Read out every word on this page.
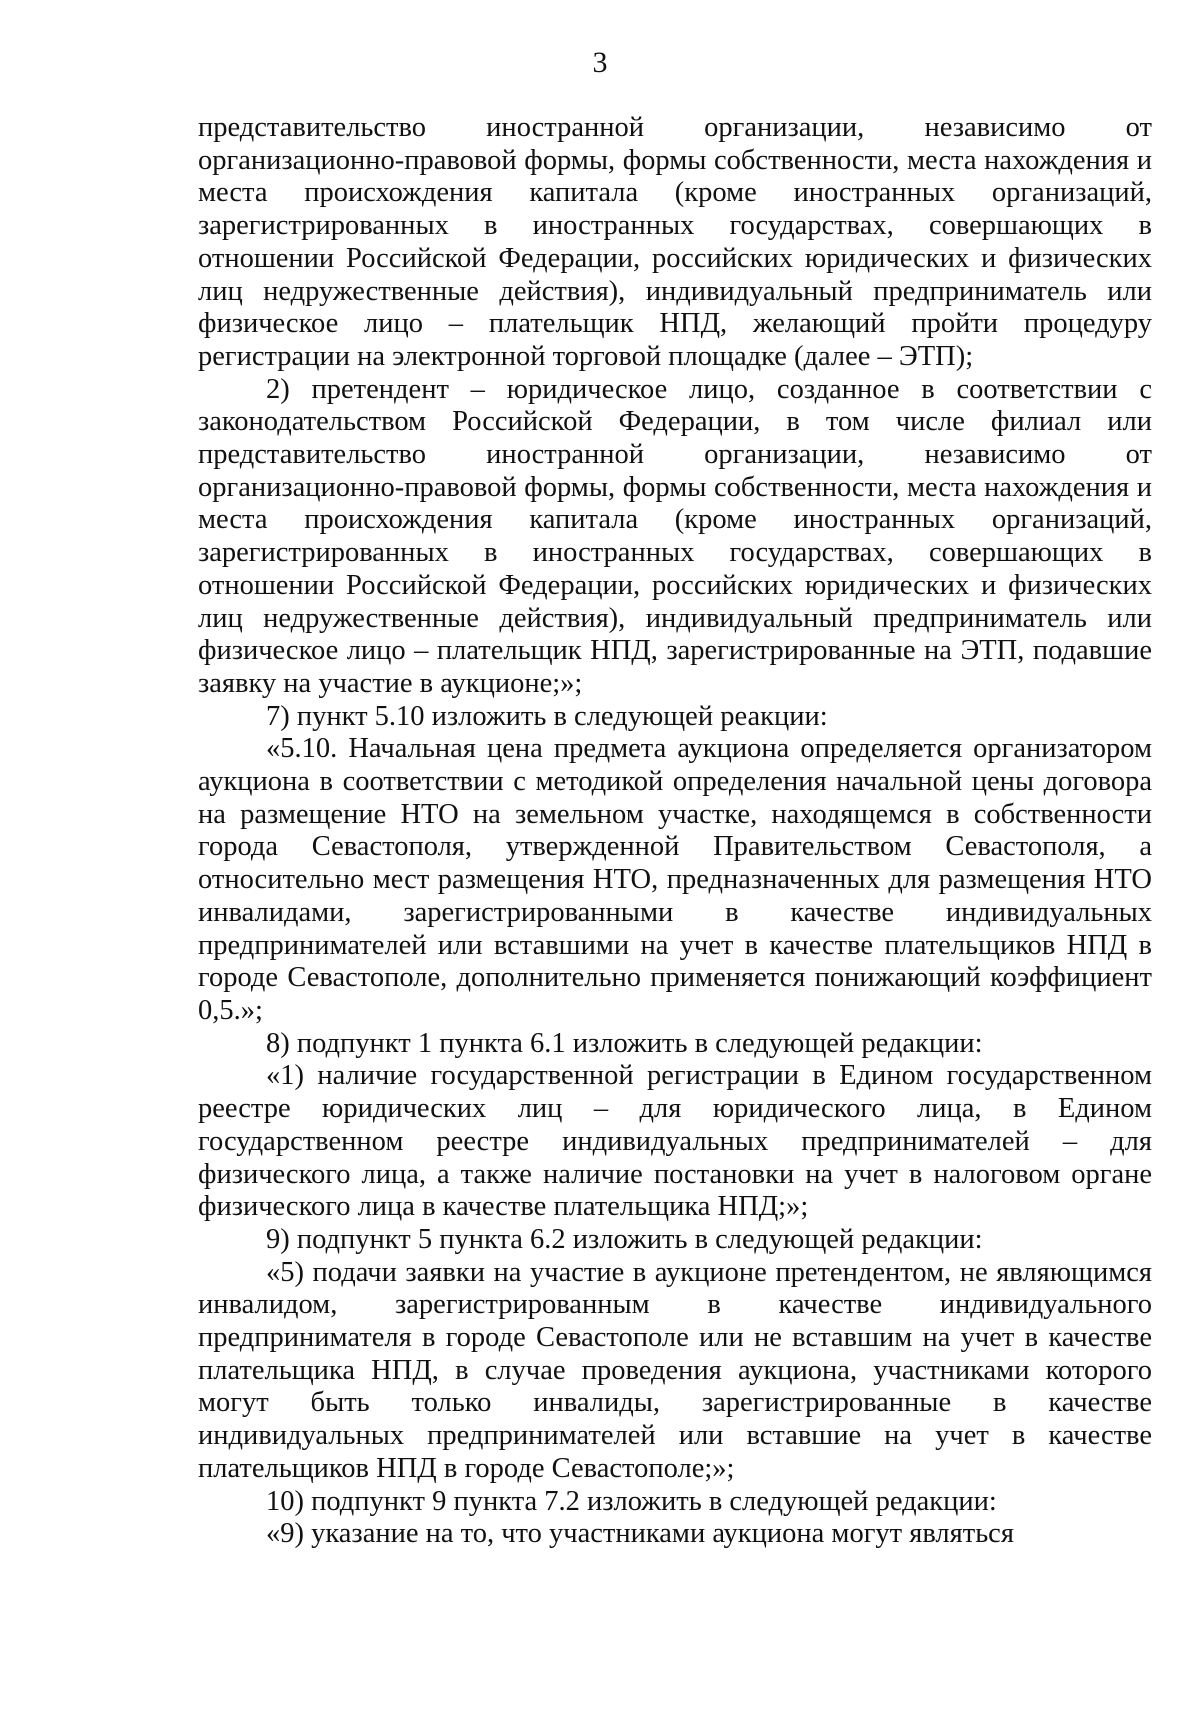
3

представительство иностранной организации, независимо от организационно-правовой формы, формы собственности, места нахождения и места происхождения капитала (кроме иностранных организаций, зарегистрированных в иностранных государствах, совершающих в отношении Российской Федерации, российских юридических и физических лиц недружественные действия), индивидуальный предприниматель или физическое лицо – плательщик НПД, желающий пройти процедуру регистрации на электронной торговой площадке (далее – ЭТП);

2) претендент – юридическое лицо, созданное в соответствии с законодательством Российской Федерации, в том числе филиал или представительство иностранной организации, независимо от организационно-правовой формы, формы собственности, места нахождения и места происхождения капитала (кроме иностранных организаций, зарегистрированных в иностранных государствах, совершающих в отношении Российской Федерации, российских юридических и физических лиц недружественные действия), индивидуальный предприниматель или физическое лицо – плательщик НПД, зарегистрированные на ЭТП, подавшие заявку на участие в аукционе;»;

7) пункт 5.10 изложить в следующей реакции:

«5.10. Начальная цена предмета аукциона определяется организатором аукциона в соответствии с методикой определения начальной цены договора на размещение НТО на земельном участке, находящемся в собственности города Севастополя, утвержденной Правительством Севастополя, а относительно мест размещения НТО, предназначенных для размещения НТО инвалидами, зарегистрированными в качестве индивидуальных предпринимателей или вставшими на учет в качестве плательщиков НПД в городе Севастополе, дополнительно применяется понижающий коэффициент 0,5.»;

8) подпункт 1 пункта 6.1 изложить в следующей редакции:

«1) наличие государственной регистрации в Едином государственном реестре юридических лиц – для юридического лица, в Едином государственном реестре индивидуальных предпринимателей – для физического лица, а также наличие постановки на учет в налоговом органе физического лица в качестве плательщика НПД;»;

9) подпункт 5 пункта 6.2 изложить в следующей редакции:

«5) подачи заявки на участие в аукционе претендентом, не являющимся инвалидом, зарегистрированным в качестве индивидуального предпринимателя в городе Севастополе или не вставшим на учет в качестве плательщика НПД, в случае проведения аукциона, участниками которого могут быть только инвалиды, зарегистрированные в качестве индивидуальных предпринимателей или вставшие на учет в качестве плательщиков НПД в городе Севастополе;»;

10) подпункт 9 пункта 7.2 изложить в следующей редакции:

«9) указание на то, что участниками аукциона могут являться
